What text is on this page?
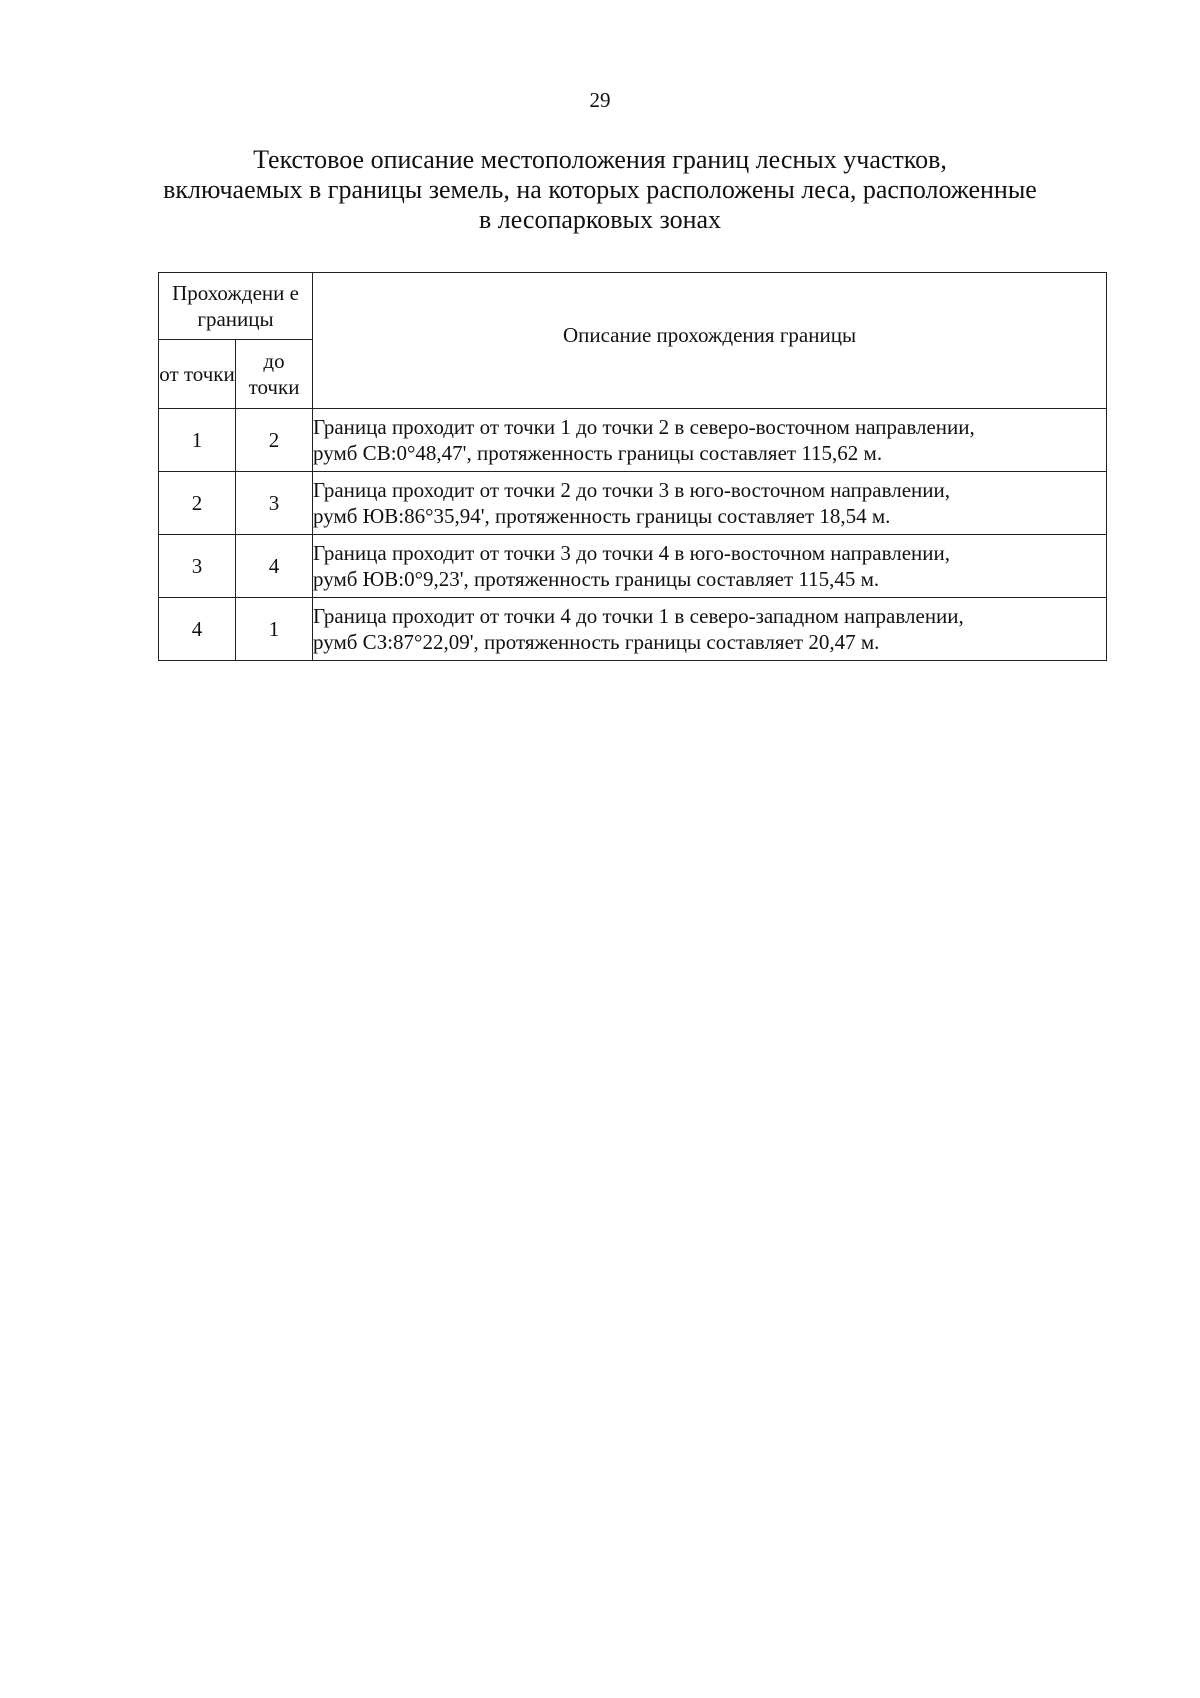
29
Текстовое описание местоположения границ лесных участков,
включаемых в границы земель, на которых расположены леса, расположенные
в лесопарковых зонах
Прохождени е границы		Описание прохождения границы
от точки	до точки	
1	2	Граница проходит от точки 1 до точки 2 в северо-восточном направлении,
румб СВ:0°48,47', протяженность границы составляет 115,62 м.

2	3	Граница проходит от точки 2 до точки 3 в юго-восточном направлении,
румб ЮВ:86°35,94', протяженность границы составляет 18,54 м.

3	4	Граница проходит от точки 3 до точки 4 в юго-восточном направлении,
румб ЮВ:0°9,23', протяженность границы составляет 115,45 м.

4	1	Граница проходит от точки 4 до точки 1 в северо-западном направлении,
румб СЗ:87°22,09', протяженность границы составляет 20,47 м.
